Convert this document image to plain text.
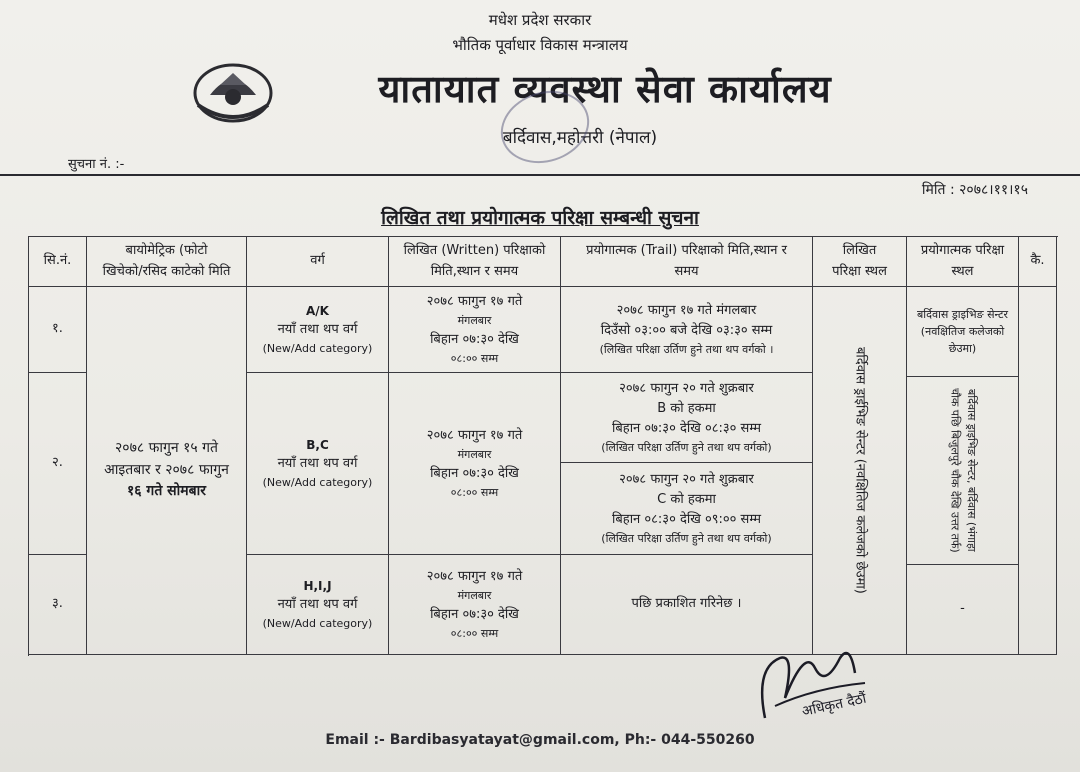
मधेश प्रदेश सरकार
भौतिक पूर्वाधार विकास मन्त्रालय
यातायात व्यवस्था सेवा कार्यालय
बर्दिवास,महोत्तरी (नेपाल)
सुचना नं. :-
मिति : २०७८।११।१५
लिखित तथा प्रयोगात्मक परिक्षा सम्बन्धी सुचना
सि.नं.
बायोमेट्रिक (फोटो
खिचेको/रसिद काटेको मिति
वर्ग
लिखित (Written) परिक्षाको
मिति,स्थान र समय
प्रयोगात्मक (Trail) परिक्षाको मिति,स्थान र
समय
लिखित
परिक्षा स्थल
प्रयोगात्मक परिक्षा
स्थल
कै.
१.
२.
३.
२०७८ फागुन १५ गते
आइतबार र २०७८ फागुन
१६ गते सोमबार
A/K
नयाँ तथा थप वर्ग
(New/Add category)
B,C
नयाँ तथा थप वर्ग
(New/Add category)
H,I,J
नयाँ तथा थप वर्ग
(New/Add category)
२०७८ फागुन १७ गते
मंगलबार
बिहान ०७:३० देखि
०८:०० सम्म
२०७८ फागुन १७ गते
मंगलबार
बिहान ०७:३० देखि
०८:०० सम्म
२०७८ फागुन १७ गते
मंगलबार
बिहान ०७:३० देखि
०८:०० सम्म
२०७८ फागुन १७ गते मंगलबार
दिउँसो ०३:०० बजे देखि ०३:३० सम्म
(लिखित परिक्षा उर्तिण हुने तथा थप वर्गको ।
२०७८ फागुन २० गते शुक्रबार
B को हकमा
बिहान ०७:३० देखि ०८:३० सम्म
(लिखित परिक्षा उर्तिण हुने तथा थप वर्गको)
२०७८ फागुन २० गते शुक्रबार
C को हकमा
बिहान ०८:३० देखि ०९:०० सम्म
(लिखित परिक्षा उर्तिण हुने तथा थप वर्गको)
पछि प्रकाशित गरिनेछ ।
बर्दिवास ड्राईभिङ सेन्टर (नवक्षितिज कलेजको छेउमा)
बर्दिवास ड्राइभिङ सेन्टर (नवक्षितिज कलेजको छेउमा)
बर्दिवास ड्राइभिङ सेन्टर, बर्दिवास (भंगाहा चौक पछि बिजुलपुरे चौक देखि उत्तर तर्फ)
-
अधिकृत दैठौं
Email :- Bardibasyatayat@gmail.com, Ph:- 044-550260
